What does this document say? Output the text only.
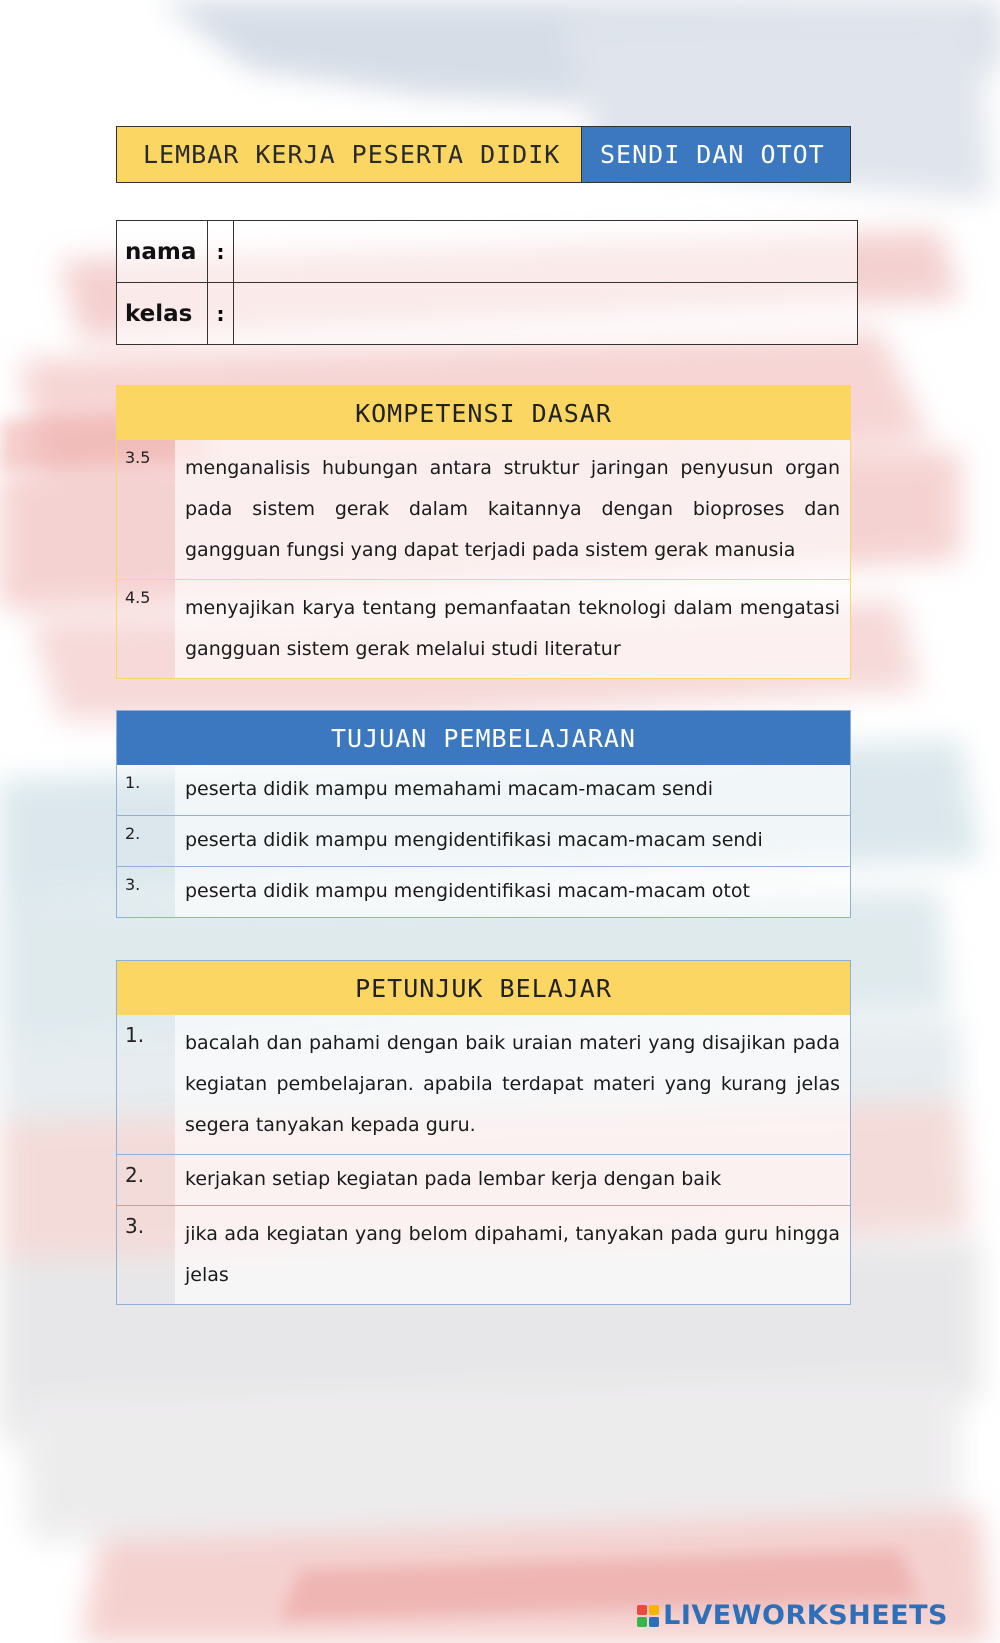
LEMBAR KERJA PESERTA DIDIK	SENDI DAN OTOT
nama	:	
kelas	:	
KOMPETENSI DASAR
3.5	menganalisis hubungan antara struktur jaringan penyusun organ pada sistem gerak dalam kaitannya dengan bioproses dan gangguan fungsi yang dapat terjadi pada sistem gerak manusia
4.5	menyajikan karya tentang pemanfaatan teknologi dalam mengatasi gangguan sistem gerak melalui studi literatur
TUJUAN PEMBELAJARAN
1.	peserta didik mampu memahami macam-macam sendi
2.	peserta didik mampu mengidentifikasi macam-macam sendi
3.	peserta didik mampu mengidentifikasi macam-macam otot
PETUNJUK BELAJAR
1.	bacalah dan pahami dengan baik uraian materi yang disajikan pada kegiatan pembelajaran. apabila terdapat materi yang kurang jelas segera tanyakan kepada guru.
2.	kerjakan setiap kegiatan pada lembar kerja dengan baik
3.	jika ada kegiatan yang belom dipahami, tanyakan pada guru hingga jelas
LIVEWORKSHEETS
